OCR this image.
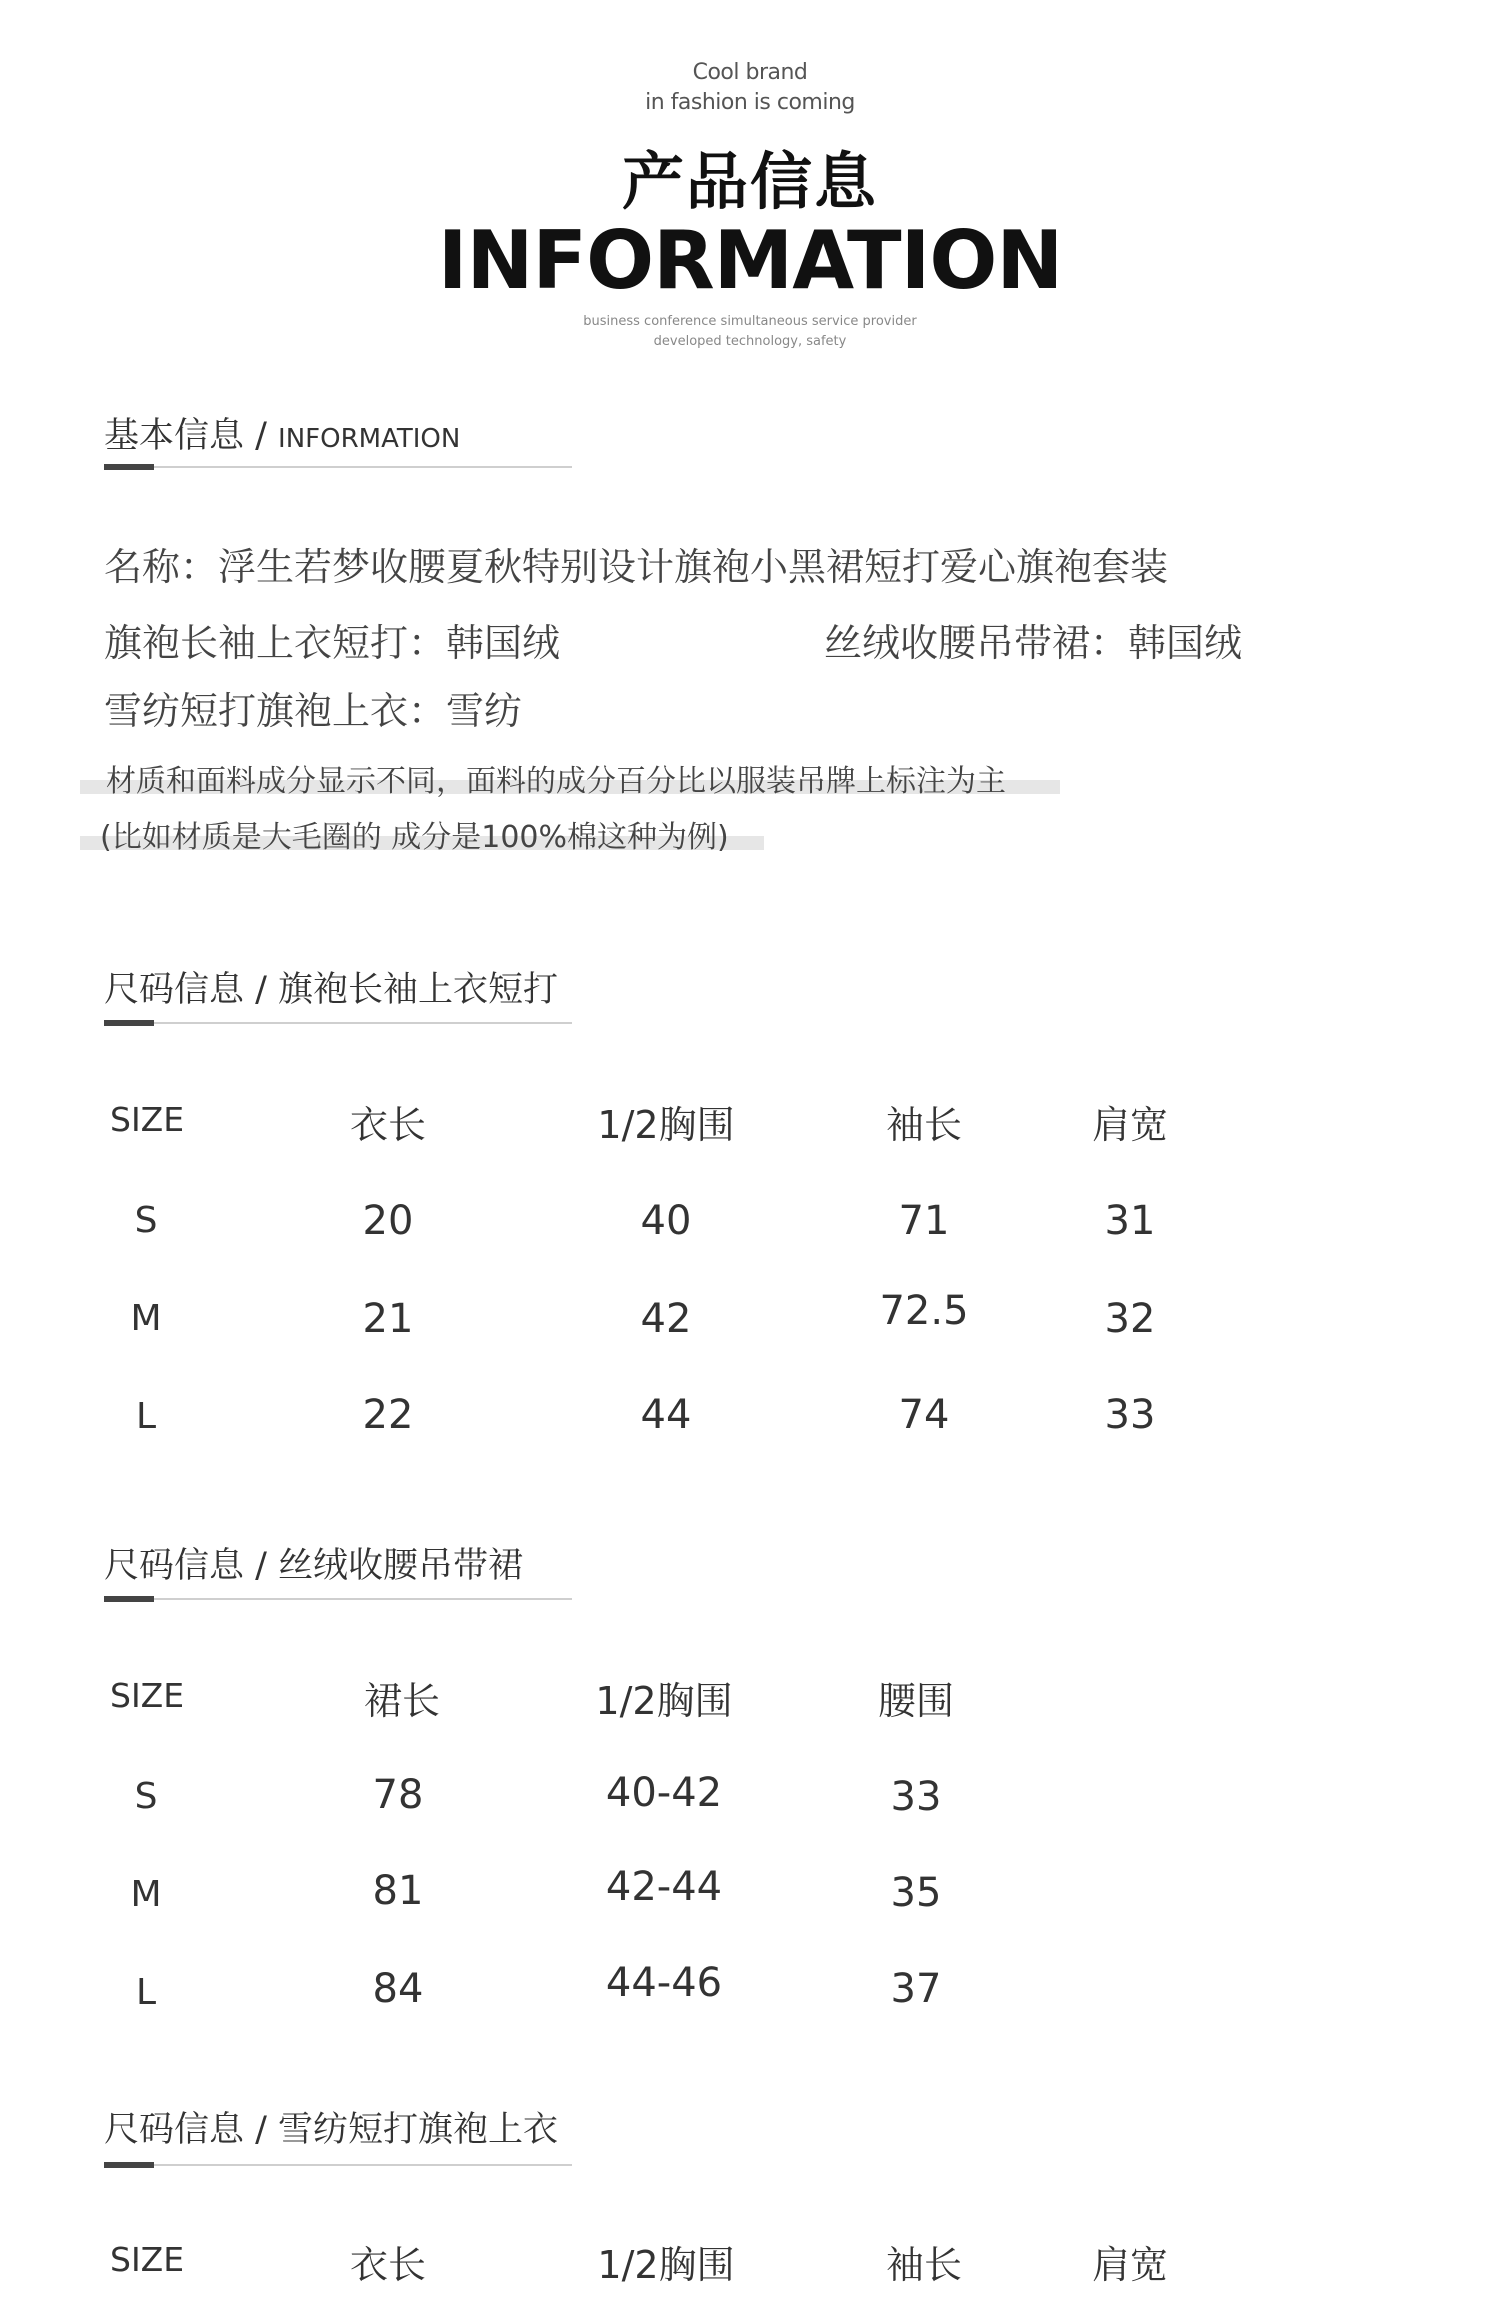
Cool brand
in fashion is coming
产品信息
INFORMATION
business conference simultaneous service provider
developed technology, safety
基本信息 / INFORMATION
名称：浮生若梦收腰夏秋特别设计旗袍小黑裙短打爱心旗袍套装
旗袍长袖上衣短打：韩国绒	丝绒收腰吊带裙：韩国绒
雪纺短打旗袍上衣：雪纺
材质和面料成分显示不同，面料的成分百分比以服装吊牌上标注为主
(比如材质是大毛圈的 成分是100%棉这种为例)
尺码信息 / 旗袍长袖上衣短打
SIZE	衣长	1/2胸围	袖长	肩宽
S	20	40	71	31
M	21	42	72.5	32
L	22	44	74	33
尺码信息 / 丝绒收腰吊带裙
SIZE	裙长	1/2胸围	腰围
S	78	40-42	33
M	81	42-44	35
L	84	44-46	37
尺码信息 / 雪纺短打旗袍上衣
SIZE	衣长	1/2胸围	袖长	肩宽
